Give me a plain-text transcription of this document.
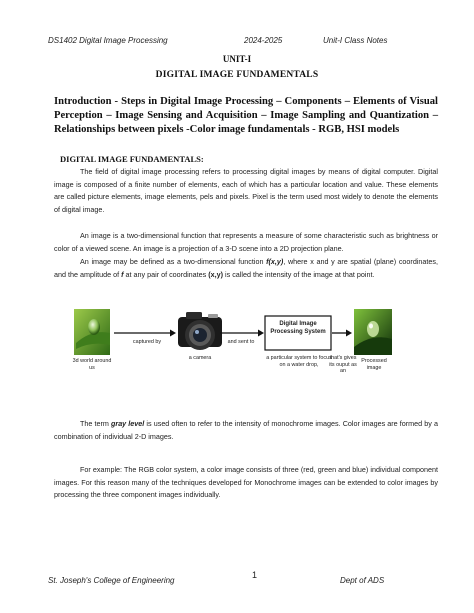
DS1402 Digital Image Processing	2024-2025	Unit-I Class Notes
UNIT-I
DIGITAL IMAGE FUNDAMENTALS
Introduction - Steps in Digital Image Processing – Components – Elements of Visual Perception – Image Sensing and Acquisition – Image Sampling and Quantization – Relationships between pixels -Color image fundamentals - RGB, HSI models
DIGITAL IMAGE FUNDAMENTALS:
The field of digital image processing refers to processing digital images by means of digital computer. Digital image is composed of a finite number of elements, each of which has a particular location and value. These elements are called picture elements, image elements, pels and pixels. Pixel is the term used most widely to denote the elements of digital image.
An image is a two-dimensional function that represents a measure of some characteristic such as brightness or color of a viewed scene. An image is a projection of a 3-D scene into a 2D projection plane.
An image may be defined as a two-dimensional function f(x,y), where x and y are spatial (plane) coordinates, and the amplitude of f at any pair of coordinates (x,y) is called the intensity of the image at that point.
Digital Image Processing System
3d world around us
captured by
a camera
and sent to
a particular system to focus on a water drop,
that's gives its ouput as an
Processed image
The term gray level is used often to refer to the intensity of monochrome images. Color images are formed by a combination of individual 2-D images.
For example: The RGB color system, a color image consists of three (red, green and blue) individual component images. For this reason many of the techniques developed for Monochrome images can be extended to color images by processing the three component images individually.
1
St. Joseph's College of Engineering	Dept of ADS
